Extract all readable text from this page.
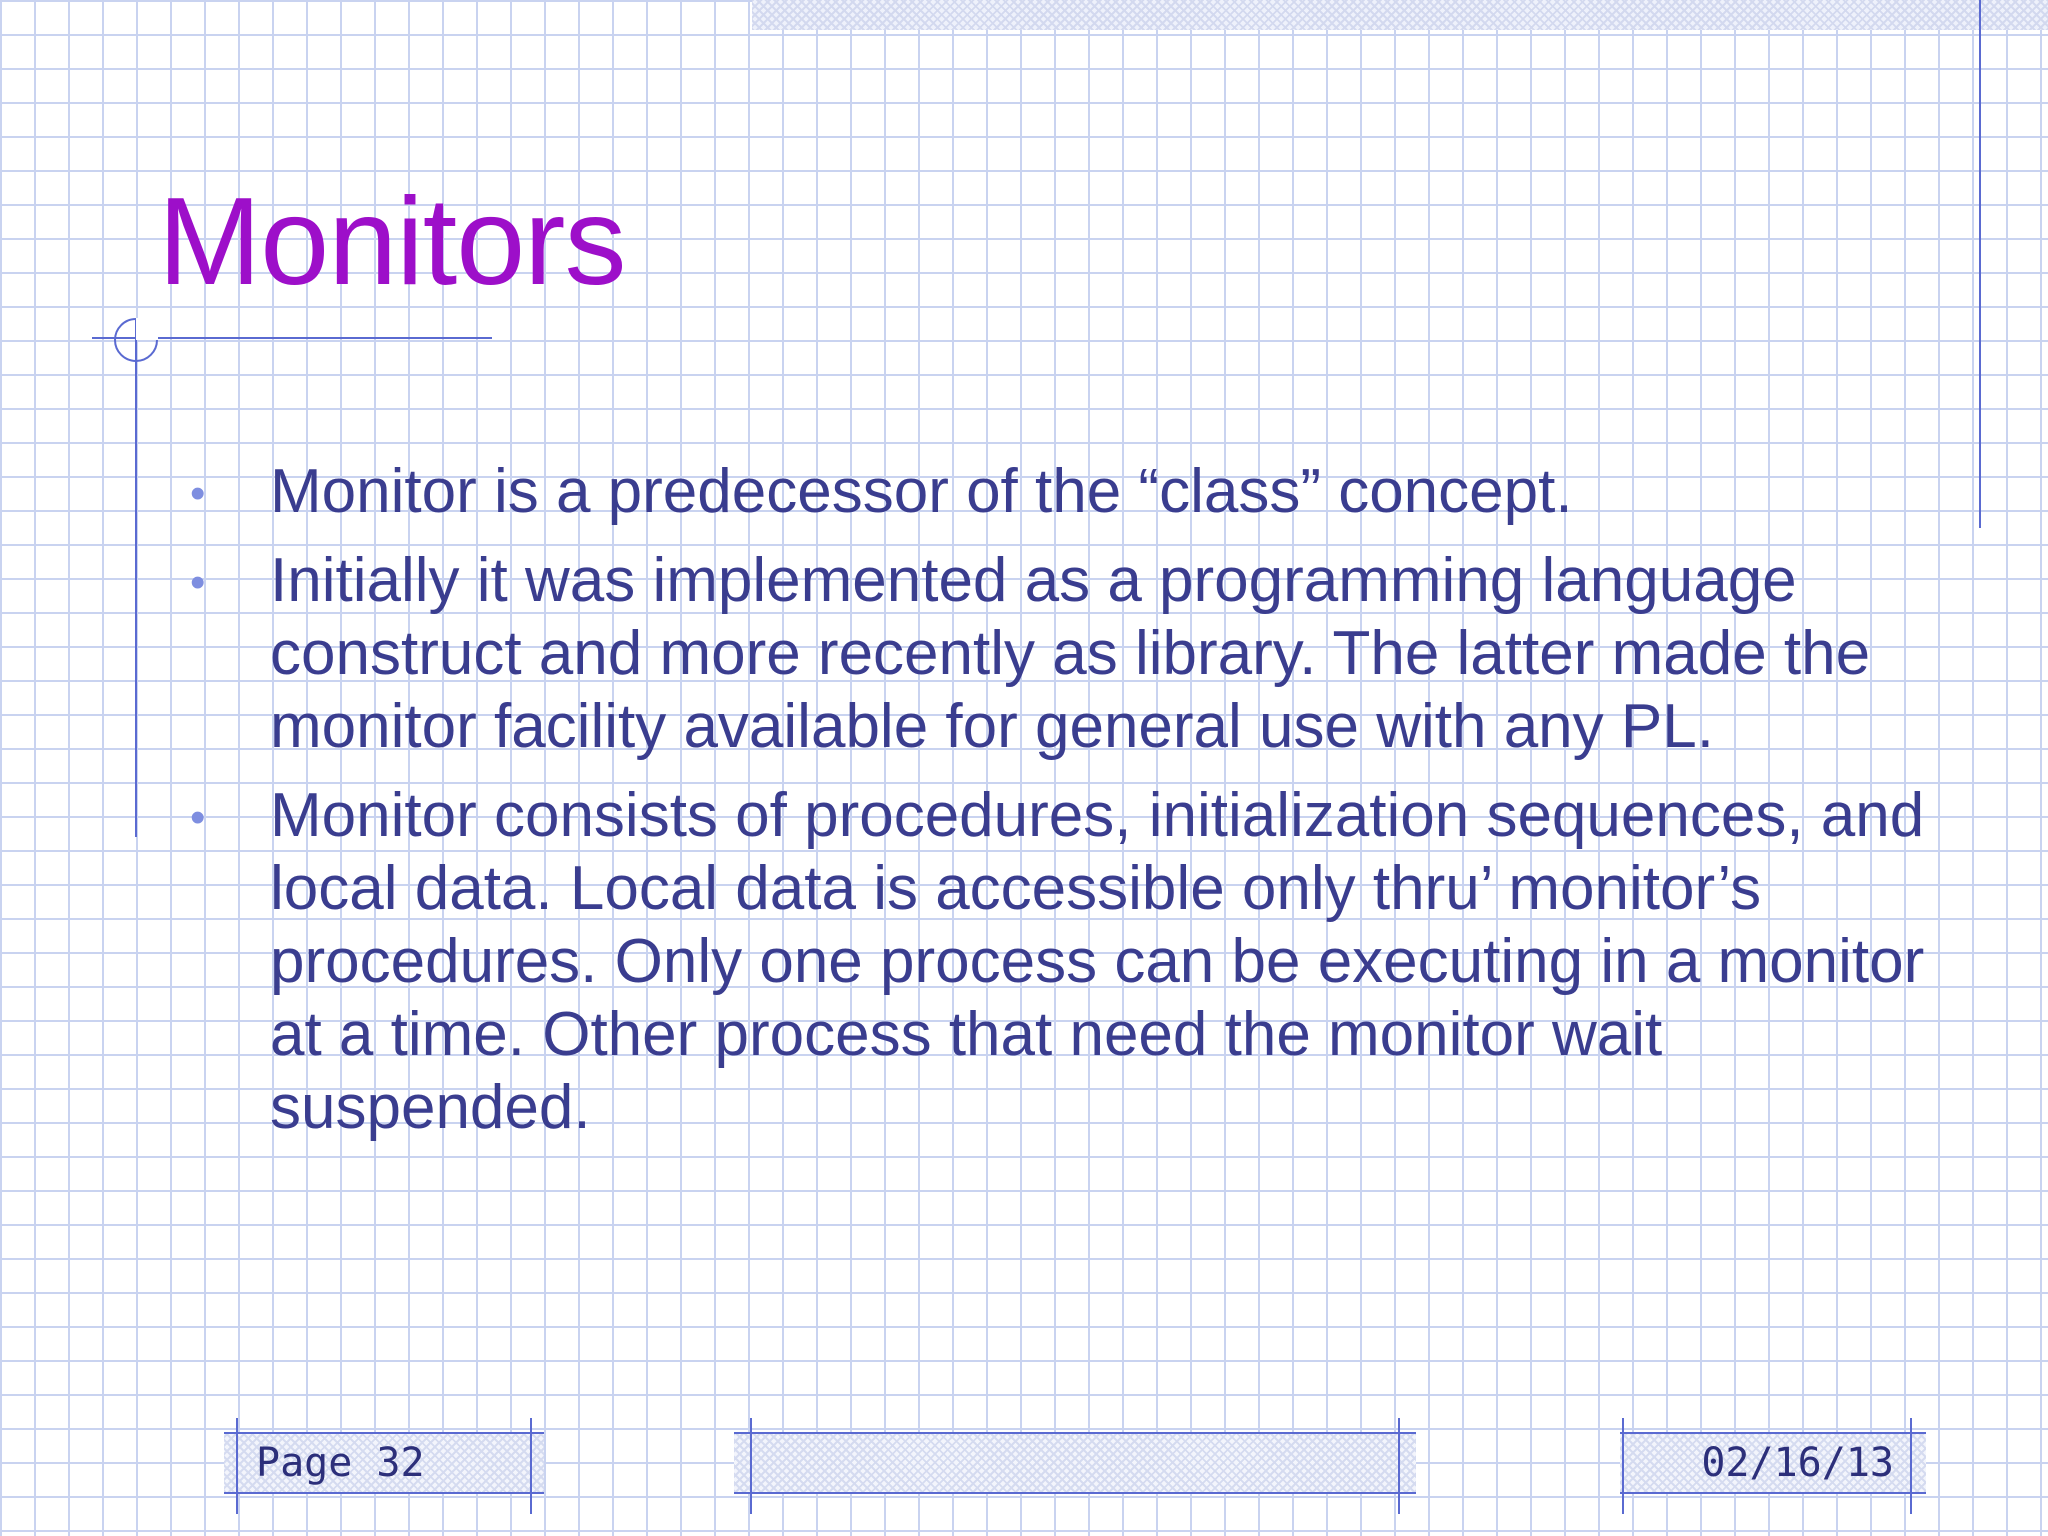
Monitors
• Monitor is a predecessor of the “class” concept.
• Initially it was implemented as a programming language construct and more recently as library. The latter made the monitor facility available for general use with any PL.
• Monitor consists of procedures, initialization sequences, and local data. Local data is accessible only thru’ monitor’s procedures. Only one process can be executing in a monitor at a time. Other process that need the monitor wait suspended.
Page 32	02/16/13
